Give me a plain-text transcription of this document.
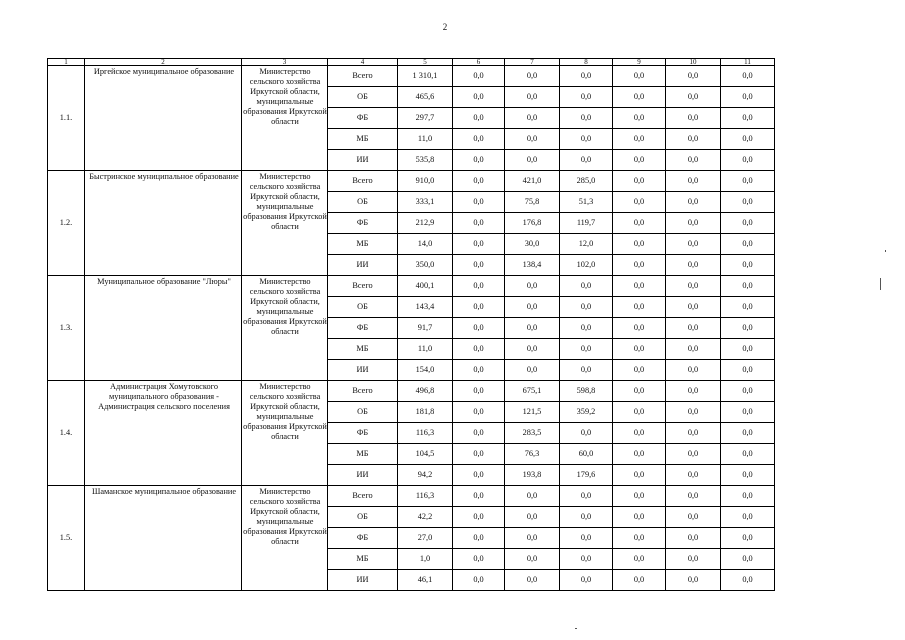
2
1	2	3	4	5	6	7	8	9	10	11
1.1.	Иргейское муниципальное образование	Министерство сельского хозяйства Иркутской области, муниципальные образования Иркутской области	Всего	1 310,1	0,0	0,0	0,0	0,0	0,0	0,0
			ОБ	465,6	0,0	0,0	0,0	0,0	0,0	0,0
			ФБ	297,7	0,0	0,0	0,0	0,0	0,0	0,0
			МБ	11,0	0,0	0,0	0,0	0,0	0,0	0,0
			ИИ	535,8	0,0	0,0	0,0	0,0	0,0	0,0
1.2.	Быстринское муниципальное образование	Министерство сельского хозяйства Иркутской области, муниципальные образования Иркутской области	Всего	910,0	0,0	421,0	285,0	0,0	0,0	0,0
			ОБ	333,1	0,0	75,8	51,3	0,0	0,0	0,0
			ФБ	212,9	0,0	176,8	119,7	0,0	0,0	0,0
			МБ	14,0	0,0	30,0	12,0	0,0	0,0	0,0
			ИИ	350,0	0,0	138,4	102,0	0,0	0,0	0,0
1.3.	Муниципальное образование "Люры"	Министерство сельского хозяйства Иркутской области, муниципальные образования Иркутской области	Всего	400,1	0,0	0,0	0,0	0,0	0,0	0,0
			ОБ	143,4	0,0	0,0	0,0	0,0	0,0	0,0
			ФБ	91,7	0,0	0,0	0,0	0,0	0,0	0,0
			МБ	11,0	0,0	0,0	0,0	0,0	0,0	0,0
			ИИ	154,0	0,0	0,0	0,0	0,0	0,0	0,0
1.4.	Администрация Хомутовского муниципального образования - Администрация сельского поселения	Министерство сельского хозяйства Иркутской области, муниципальные образования Иркутской области	Всего	496,8	0,0	675,1	598,8	0,0	0,0	0,0
			ОБ	181,8	0,0	121,5	359,2	0,0	0,0	0,0
			ФБ	116,3	0,0	283,5	0,0	0,0	0,0	0,0
			МБ	104,5	0,0	76,3	60,0	0,0	0,0	0,0
			ИИ	94,2	0,0	193,8	179,6	0,0	0,0	0,0
1.5.	Шаманское муниципальное образование	Министерство сельского хозяйства Иркутской области, муниципальные образования Иркутской области	Всего	116,3	0,0	0,0	0,0	0,0	0,0	0,0
			ОБ	42,2	0,0	0,0	0,0	0,0	0,0	0,0
			ФБ	27,0	0,0	0,0	0,0	0,0	0,0	0,0
			МБ	1,0	0,0	0,0	0,0	0,0	0,0	0,0
			ИИ	46,1	0,0	0,0	0,0	0,0	0,0	0,0
